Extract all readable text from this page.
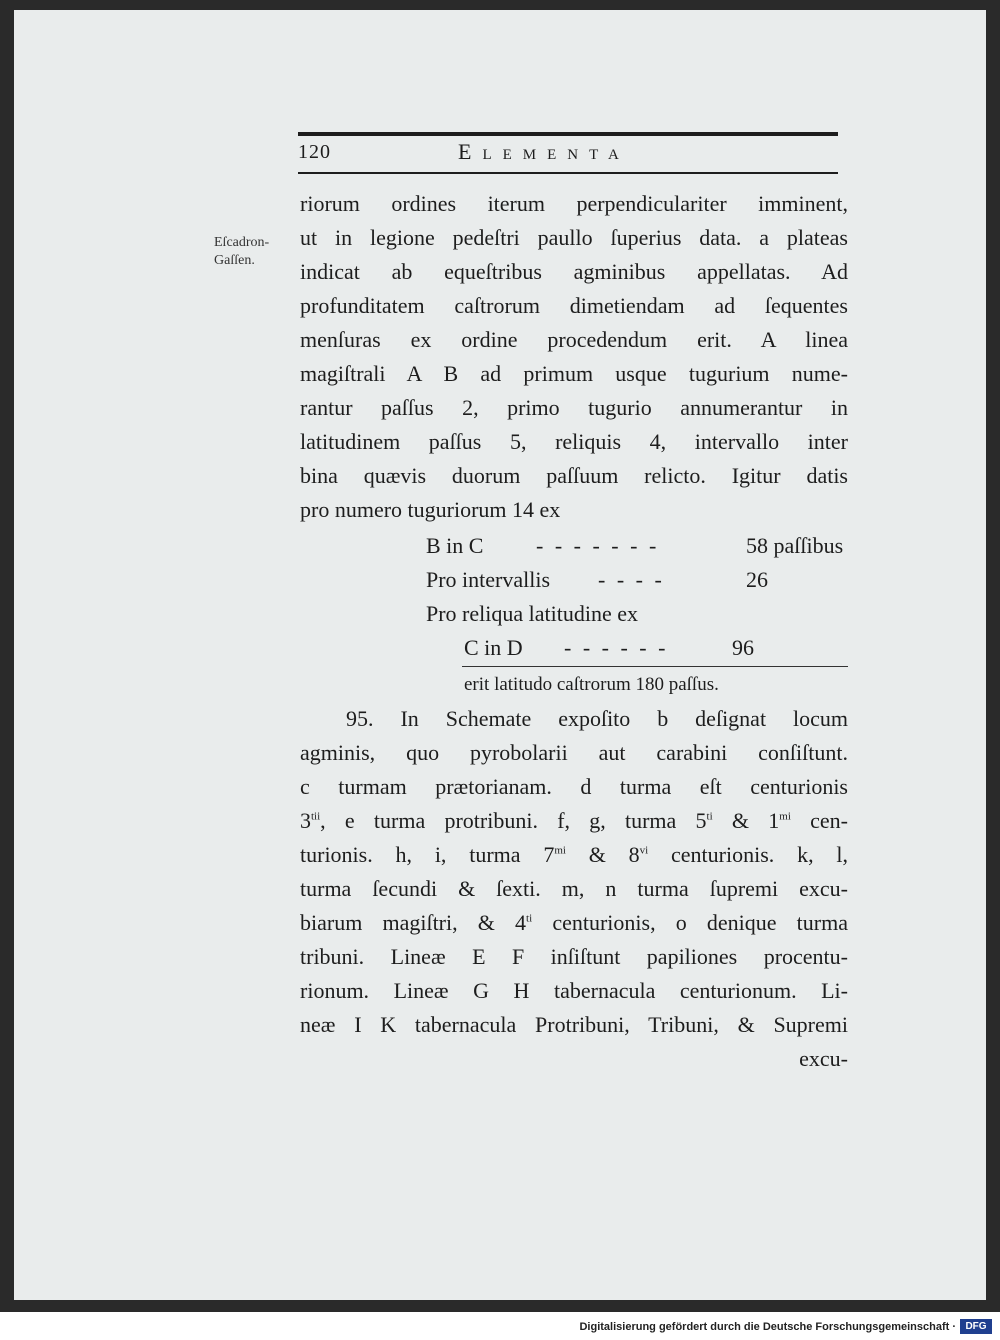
120	Elementa
Eſcadron-
Gaſſen.
riorum ordines iterum perpendiculariter imminent,
ut in legione pedeſtri paullo ſuperius data. a plateas
indicat ab equeſtribus agminibus appellatas. Ad
profunditatem caſtrorum dimetiendam ad ſequentes
menſuras ex ordine procedendum erit. A linea
magiſtrali A B ad primum usque tugurium nume-
rantur paſſus 2, primo tugurio annumerantur in
latitudinem paſſus 5, reliquis 4, intervallo inter
bina quævis duorum paſſuum relicto. Igitur datis
pro numero tuguriorum 14 ex
B in C - - - - - - -	58 paſſibus
Pro intervallis - - - -	26
Pro reliqua latitudine ex
C in D - - - - - -	96
erit latitudo caſtrorum 180 paſſus.
95. In Schemate expoſito b deſignat locum
agminis, quo pyrobolarii aut carabini conſiſtunt.
c turmam prætorianam. d turma eſt centurionis
$3^{tii}$, e turma protribuni. f, g, turma $5^{ti}$ & $1^{mi}$ cen-
turionis. h, i, turma $7^{mi}$ & 8$^{vi}$ centurionis. k, l,
turma ſecundi & ſexti. m, n turma ſupremi excu-
biarum magiſtri, & $4^{ti}$ centurionis, o denique turma
tribuni. Lineæ E F inſiſtunt papiliones procentu-
rionum. Lineæ G H tabernacula centurionum. Li-
neæ I K tabernacula Protribuni, Tribuni, & Supremi
excu-
Digitalisierung gefördert durch die Deutsche Forschungsgemeinschaft · DFG
